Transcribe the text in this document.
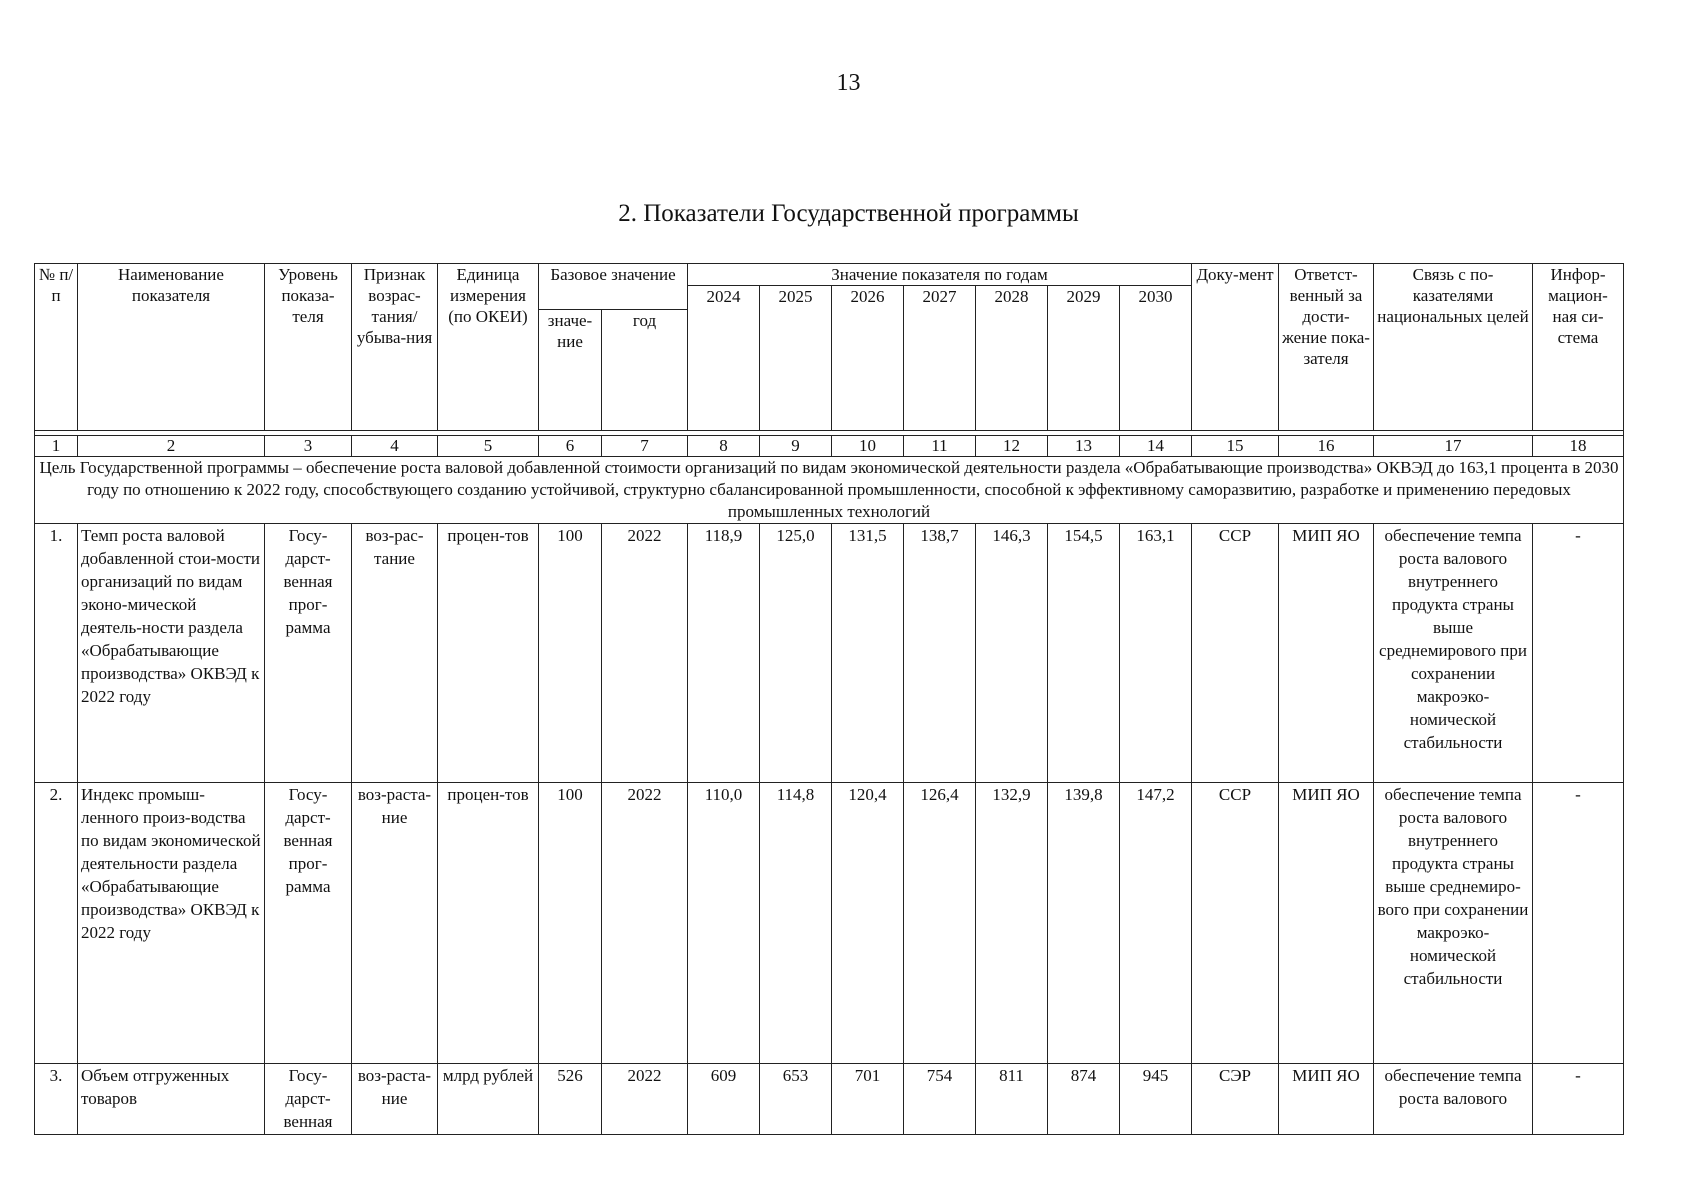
13
2. Показатели Государственной программы
№ п/п	Наименование показателя	Уровень показа-теля	Признак возрас-тания/ убыва-ния	Единица измерения (по ОКЕИ)	Базовое значение		Значение показателя по годам							Доку-мент	Ответст-венный за дости-жение пока-зателя	Связь с по-казателями национальных целей	Инфор-мацион-ная си-стема
							2024	2025	2026	2027	2028	2029	2030				
					значе-ние	год											

1	2	3	4	5	6	7	8	9	10	11	12	13	14	15	16	17	18
Цель Государственной программы – обеспечение роста валовой добавленной стоимости организаций по видам экономической деятельности раздела «Обрабатывающие производства» ОКВЭД до 163,1 процента в 2030 году по отношению к 2022 году, способствующего созданию устойчивой, структурно сбалансированной промышленности, способной к эффективному саморазвитию, разработке и применению передовых промышленных технологий																	
1.	Темп роста валовой добавленной стои-мости организаций по видам эконо-мической деятель-ности раздела «Обрабатывающие производства» ОКВЭД к 2022 году	Госу-дарст-венная прог-рамма	воз-рас-тание	процен-тов	100	2022	118,9	125,0	131,5	138,7	146,3	154,5	163,1	ССР	МИП ЯО	обеспечение темпа роста валового внутреннего продукта страны выше среднемирового при сохранении макроэко-номической стабильности	-
2.	Индекс промыш-ленного произ-водства по видам экономической деятельности раздела «Обрабатывающие производства» ОКВЭД к 2022 году	Госу-дарст-венная прог-рамма	воз-раста-ние	процен-тов	100	2022	110,0	114,8	120,4	126,4	132,9	139,8	147,2	ССР	МИП ЯО	обеспечение темпа роста валового внутреннего продукта страны выше среднемиро-вого при сохранении макроэко-номической стабильности	-
3.	Объем отгруженных товаров	Госу-дарст-венная	воз-раста-ние	млрд рублей	526	2022	609	653	701	754	811	874	945	СЭР	МИП ЯО	обеспечение темпа роста валового	-
